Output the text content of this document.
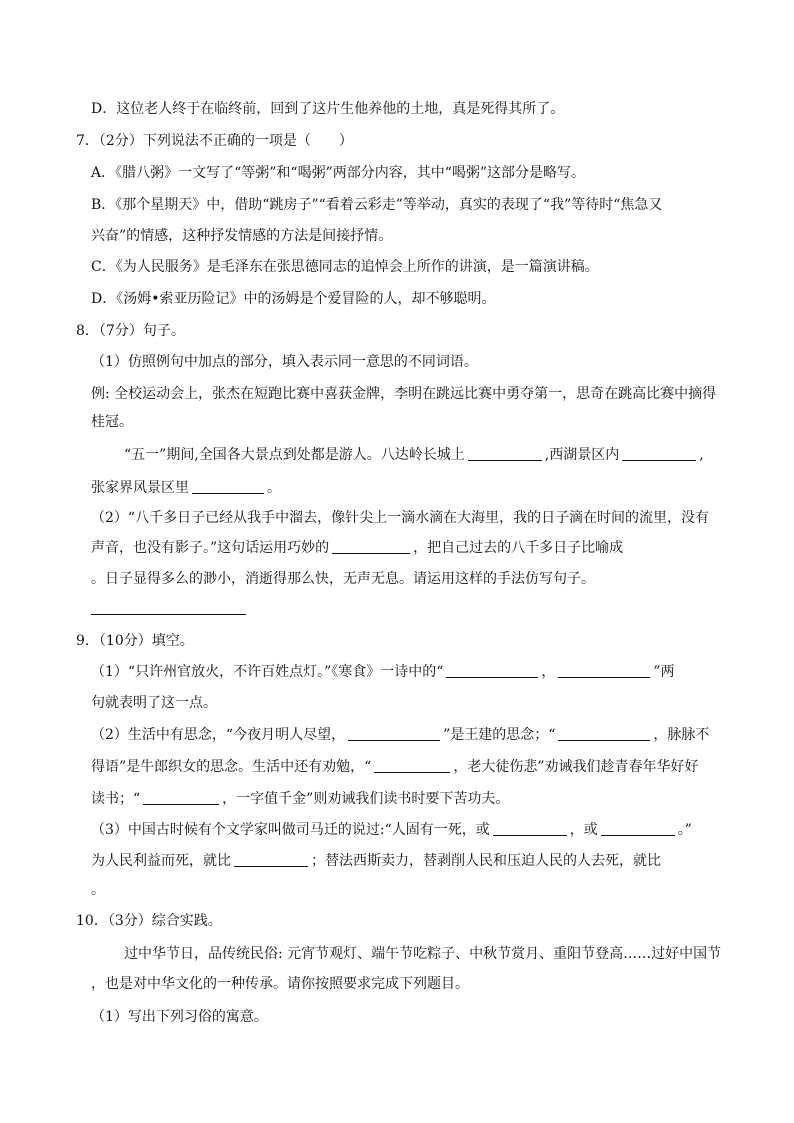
D．这位老人终于在临终前，回到了这片生他养他的土地，真是死得其所了。
7．（2分）下列说法不正确的一项是（　　）
A．《腊八粥》一文写了“等粥”和“喝粥”两部分内容，其中“喝粥”这部分是略写。
B．《那个星期天》中，借助“跳房子”“看着云彩走”等举动，真实的表现了“我”等待时“焦急又
兴奋”的情感，这种抒发情感的方法是间接抒情。
C．《为人民服务》是毛泽东在张思德同志的追悼会上所作的讲演，是一篇演讲稿。
D．《汤姆•索亚历险记》中的汤姆是个爱冒险的人，却不够聪明。
8．（7分）句子。
（1）仿照例句中加点的部分，填入表示同一意思的不同词语。
例: 全校运动会上，张杰在短跑比赛中喜获金牌，李明在跳远比赛中勇夺第一，思奇在跳高比赛中摘得
桂冠。
“五一”期间,全国各大景点到处都是游人。八达岭长城上	,西湖景区内	,
张家界风景区里	。
（2）“八千多日子已经从我手中溜去，像针尖上一滴水滴在大海里，我的日子滴在时间的流里，没有
声音，也没有影子。”这句话运用巧妙的	，把自己过去的八千多日子比喻成
。日子显得多么的渺小，消逝得那么快，无声无息。请运用这样的手法仿写句子。
9．（10分）填空。
（1）“只许州官放火，不许百姓点灯。”《寒食》一诗中的“	，	”两
句就表明了这一点。
（2）生活中有思念，“今夜月明人尽望，	”是王建的思念；“	，脉脉不
得语”是牛郎织女的思念。生活中还有劝勉，“	，老大徒伤悲”劝诫我们趁青春年华好好
读书；“	，一字值千金”则劝诫我们读书时要下苦功夫。
（3）中国古时候有个文学家叫做司马迁的说过:“人固有一死，或	，或	。”
为人民利益而死，就比	；替法西斯卖力，替剥削人民和压迫人民的人去死，就比
。
10．（3分）综合实践。
过中华节日，品传统民俗: 元宵节观灯、端午节吃粽子、中秋节赏月、重阳节登高……过好中国节
，也是对中华文化的一种传承。请你按照要求完成下列题目。
（1）写出下列习俗的寓意。
